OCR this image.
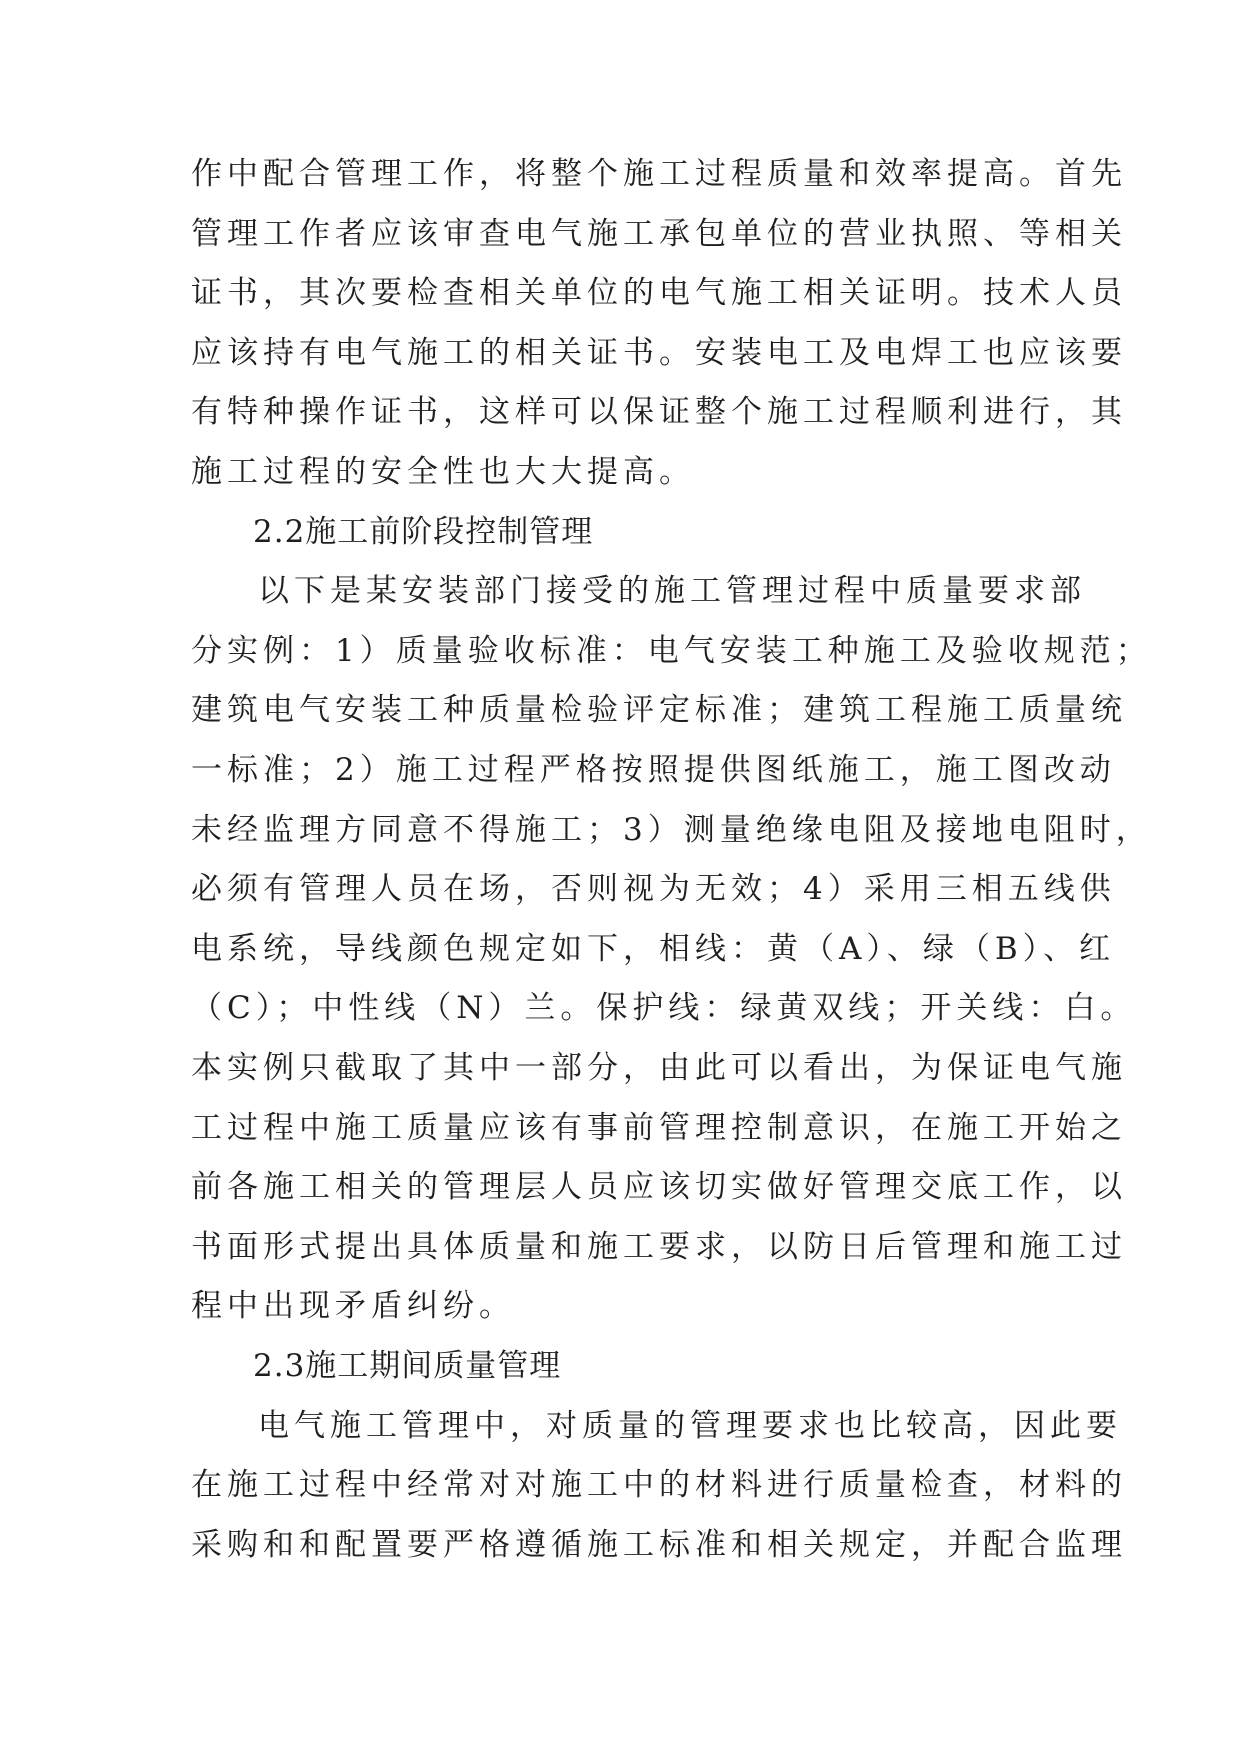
作中配合管理工作，将整个施工过程质量和效率提高。首先
管理工作者应该审查电气施工承包单位的营业执照、等相关
证书，其次要检查相关单位的电气施工相关证明。技术人员
应该持有电气施工的相关证书。安装电工及电焊工也应该要
有特种操作证书，这样可以保证整个施工过程顺利进行，其
施工过程的安全性也大大提高。
2.2施工前阶段控制管理
以下是某安装部门接受的施工管理过程中质量要求部
分实例：1）质量验收标准：电气安装工种施工及验收规范；
建筑电气安装工种质量检验评定标准；建筑工程施工质量统
一标准；2）施工过程严格按照提供图纸施工，施工图改动
未经监理方同意不得施工；3）测量绝缘电阻及接地电阻时，
必须有管理人员在场，否则视为无效；4）采用三相五线供
电系统，导线颜色规定如下，相线：黄（A）、绿（B）、红
（C）；中性线（N）兰。保护线：绿黄双线；开关线：白。
本实例只截取了其中一部分，由此可以看出，为保证电气施
工过程中施工质量应该有事前管理控制意识，在施工开始之
前各施工相关的管理层人员应该切实做好管理交底工作，以
书面形式提出具体质量和施工要求，以防日后管理和施工过
程中出现矛盾纠纷。
2.3施工期间质量管理
电气施工管理中，对质量的管理要求也比较高，因此要
在施工过程中经常对对施工中的材料进行质量检查，材料的
采购和和配置要严格遵循施工标准和相关规定，并配合监理
